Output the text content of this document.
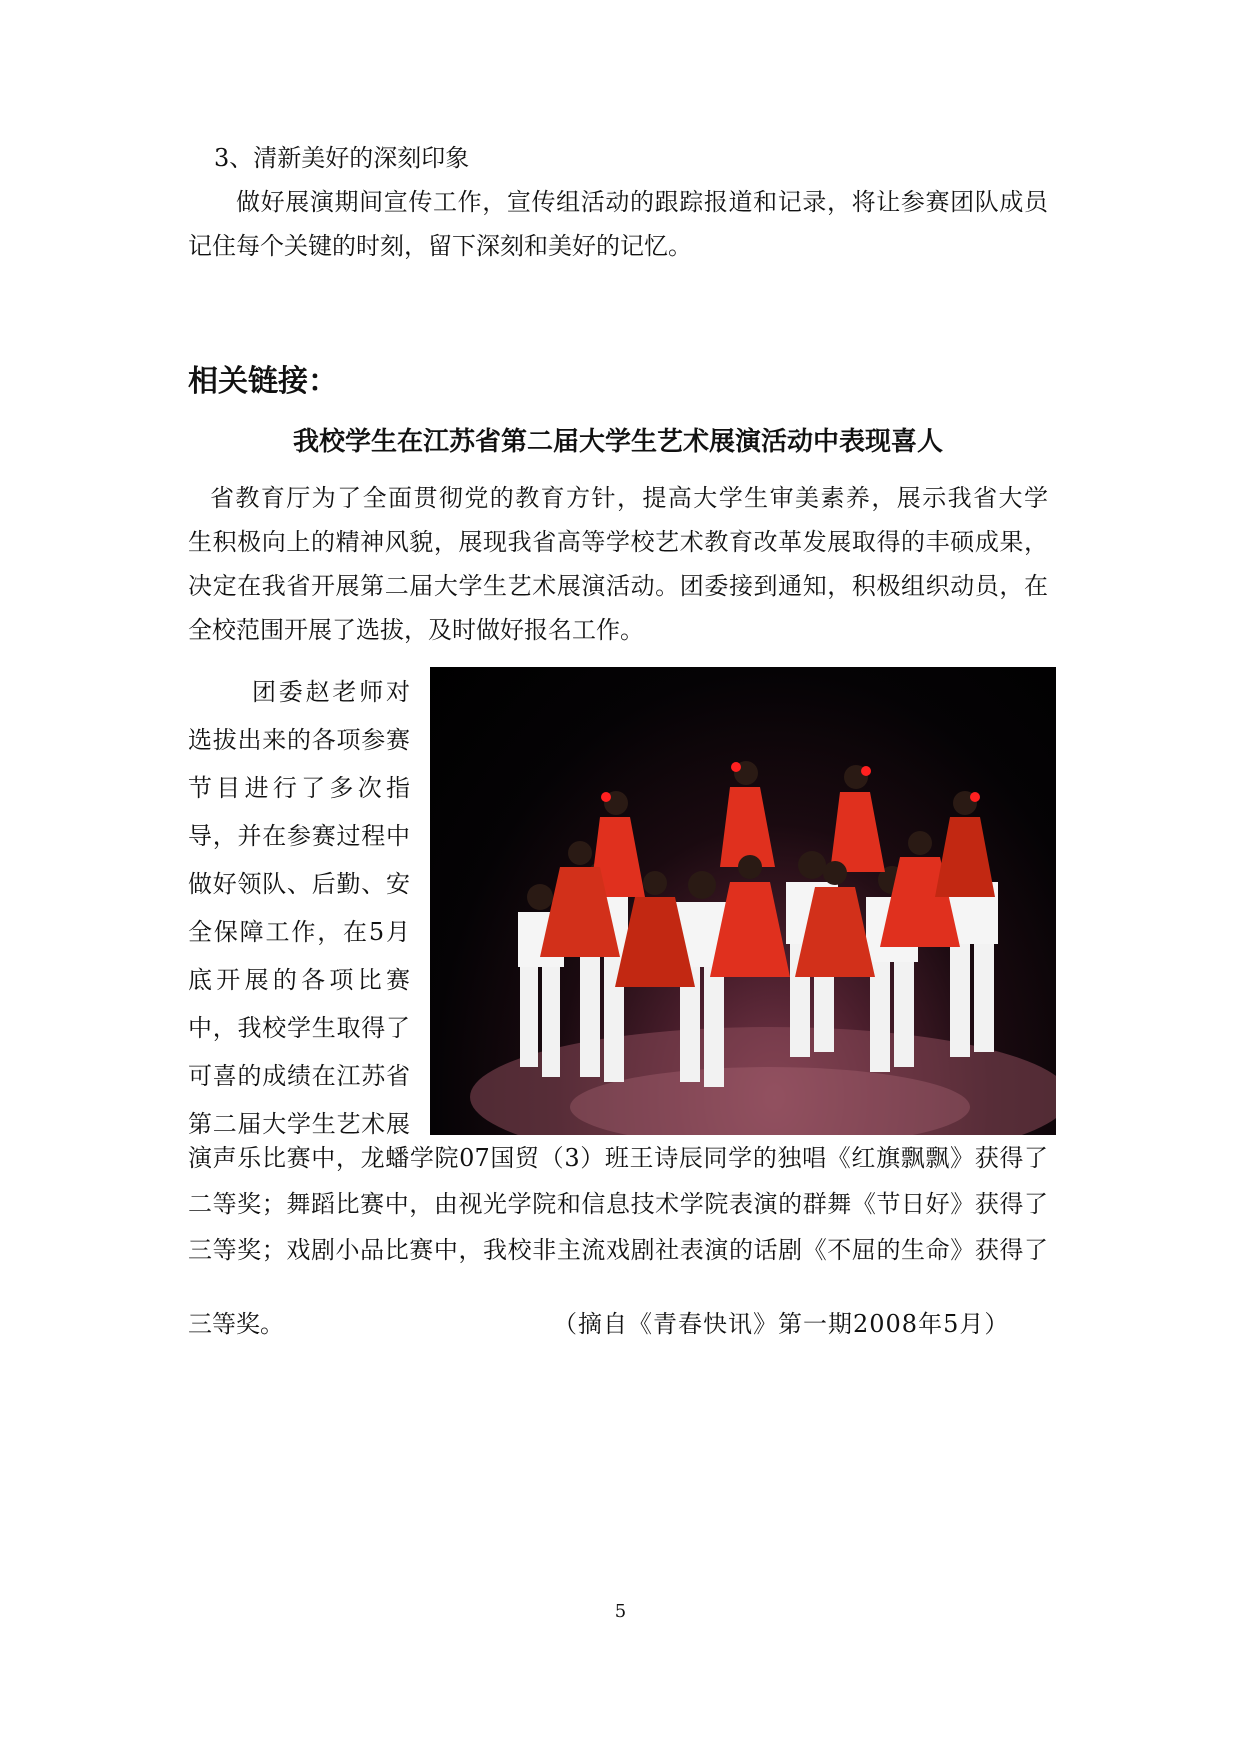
3、清新美好的深刻印象
做好展演期间宣传工作，宣传组活动的跟踪报道和记录，将让参赛团队成员
记住每个关键的时刻，留下深刻和美好的记忆。
相关链接：
我校学生在江苏省第二届大学生艺术展演活动中表现喜人
省教育厅为了全面贯彻党的教育方针，提高大学生审美素养，展示我省大学
生积极向上的精神风貌，展现我省高等学校艺术教育改革发展取得的丰硕成果，
决定在我省开展第二届大学生艺术展演活动。团委接到通知，积极组织动员，在
全校范围开展了选拔，及时做好报名工作。
团委赵老师对
选拔出来的各项参赛
节目进行了多次指
导，并在参赛过程中
做好领队、后勤、安
全保障工作，在5月
底开展的各项比赛
中，我校学生取得了
可喜的成绩在江苏省
第二届大学生艺术展
演声乐比赛中，龙蟠学院07国贸（3）班王诗辰同学的独唱《红旗飘飘》获得了
二等奖；舞蹈比赛中，由视光学院和信息技术学院表演的群舞《节日好》获得了
三等奖；戏剧小品比赛中，我校非主流戏剧社表演的话剧《不屈的生命》获得了
三等奖。	（摘自《青春快讯》第一期2008年5月）
5
